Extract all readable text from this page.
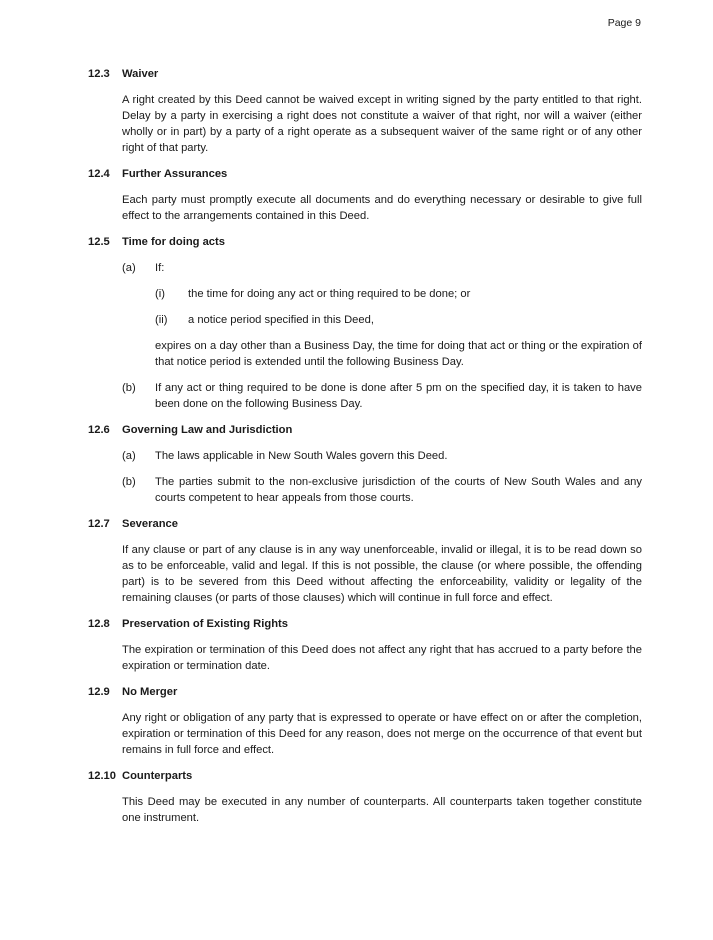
Page 9
12.3	Waiver
A right created by this Deed cannot be waived except in writing signed by the party entitled to that right. Delay by a party in exercising a right does not constitute a waiver of that right, nor will a waiver (either wholly or in part) by a party of a right operate as a subsequent waiver of the same right or of any other right of that party.
12.4	Further Assurances
Each party must promptly execute all documents and do everything necessary or desirable to give full effect to the arrangements contained in this Deed.
12.5	Time for doing acts
(a)	If:
(i)	the time for doing any act or thing required to be done; or
(ii)	a notice period specified in this Deed,
expires on a day other than a Business Day, the time for doing that act or thing or the expiration of that notice period is extended until the following Business Day.
(b)	If any act or thing required to be done is done after 5 pm on the specified day, it is taken to have been done on the following Business Day.
12.6	Governing Law and Jurisdiction
(a)	The laws applicable in New South Wales govern this Deed.
(b)	The parties submit to the non-exclusive jurisdiction of the courts of New South Wales and any courts competent to hear appeals from those courts.
12.7	Severance
If any clause or part of any clause is in any way unenforceable, invalid or illegal, it is to be read down so as to be enforceable, valid and legal. If this is not possible, the clause (or where possible, the offending part) is to be severed from this Deed without affecting the enforceability, validity or legality of the remaining clauses (or parts of those clauses) which will continue in full force and effect.
12.8	Preservation of Existing Rights
The expiration or termination of this Deed does not affect any right that has accrued to a party before the expiration or termination date.
12.9	No Merger
Any right or obligation of any party that is expressed to operate or have effect on or after the completion, expiration or termination of this Deed for any reason, does not merge on the occurrence of that event but remains in full force and effect.
12.10 Counterparts
This Deed may be executed in any number of counterparts. All counterparts taken together constitute one instrument.
